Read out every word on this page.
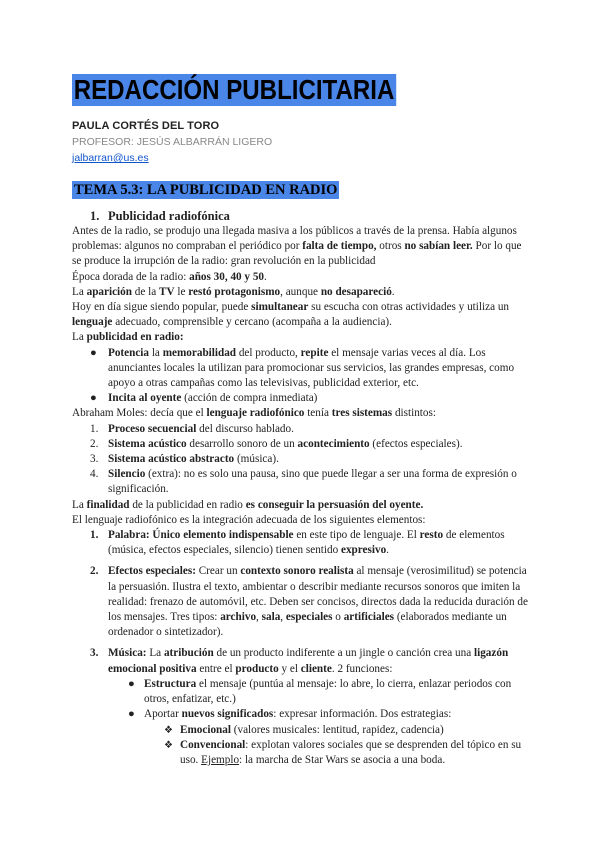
REDACCIÓN PUBLICITARIA
PAULA CORTÉS DEL TORO
PROFESOR: JESÚS ALBARRÁN LIGERO
jalbarran@us.es
TEMA 5.3: LA PUBLICIDAD EN RADIO
1. Publicidad radiofónica

Antes de la radio, se produjo una llegada masiva a los públicos a través de la prensa. Había algunos problemas: algunos no compraban el periódico por falta de tiempo, otros no sabían leer. Por lo que se produce la irrupción de la radio: gran revolución en la publicidad

Época dorada de la radio: años 30, 40 y 50.

La aparición de la TV le restó protagonismo, aunque no desapareció.

Hoy en día sigue siendo popular, puede simultanear su escucha con otras actividades y utiliza un lenguaje adecuado, comprensible y cercano (acompaña a la audiencia).

La publicidad en radio:

● Potencia la memorabilidad del producto, repite el mensaje varias veces al día. Los anunciantes locales la utilizan para promocionar sus servicios, las grandes empresas, como apoyo a otras campañas como las televisivas, publicidad exterior, etc.
● Incita al oyente (acción de compra inmediata)

Abraham Moles: decía que el lenguaje radiofónico tenía tres sistemas distintos:

1. Proceso secuencial del discurso hablado.
2. Sistema acústico desarrollo sonoro de un acontecimiento (efectos especiales).
3. Sistema acústico abstracto (música).
4. Silencio (extra): no es solo una pausa, sino que puede llegar a ser una forma de expresión o significación.

La finalidad de la publicidad en radio es conseguir la persuasión del oyente.

El lenguaje radiofónico es la integración adecuada de los siguientes elementos:

1. Palabra: Único elemento indispensable en este tipo de lenguaje. El resto de elementos (música, efectos especiales, silencio) tienen sentido expresivo.
2. Efectos especiales: Crear un contexto sonoro realista al mensaje (verosimilitud) se potencia la persuasión. Ilustra el texto, ambientar o describir mediante recursos sonoros que imiten la realidad: frenazo de automóvil, etc. Deben ser concisos, directos dada la reducida duración de los mensajes. Tres tipos: archivo, sala, especiales o artificiales (elaborados mediante un ordenador o sintetizador).
3. Música: La atribución de un producto indiferente a un jingle o canción crea una ligazón emocional positiva entre el producto y el cliente. 2 funciones:
● Estructura el mensaje (puntúa al mensaje: lo abre, lo cierra, enlazar periodos con otros, enfatizar, etc.)
● Aportar nuevos significados: expresar información. Dos estrategias:
❖ Emocional (valores musicales: lentitud, rapidez, cadencia)
❖ Convencional: explotan valores sociales que se desprenden del tópico en su uso. Ejemplo: la marcha de Star Wars se asocia a una boda.
